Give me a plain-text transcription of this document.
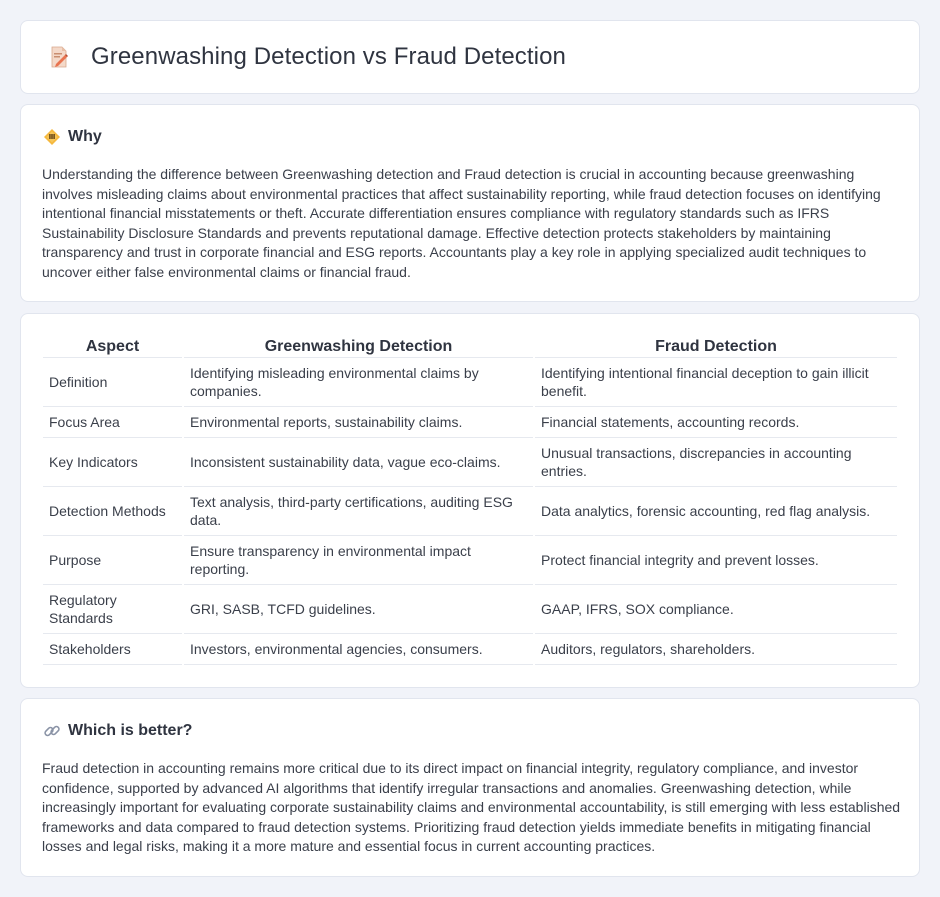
Greenwashing Detection vs Fraud Detection
Why

Understanding the difference between Greenwashing detection and Fraud detection is crucial in accounting because greenwashing involves misleading claims about environmental practices that affect sustainability reporting, while fraud detection focuses on identifying intentional financial misstatements or theft. Accurate differentiation ensures compliance with regulatory standards such as IFRS Sustainability Disclosure Standards and prevents reputational damage. Effective detection protects stakeholders by maintaining transparency and trust in corporate financial and ESG reports. Accountants play a key role in applying specialized audit techniques to uncover either false environmental claims or financial fraud.

Aspect	Greenwashing Detection	Fraud Detection
Definition	Identifying misleading environmental claims by companies.	Identifying intentional financial deception to gain illicit benefit.
Focus Area	Environmental reports, sustainability claims.	Financial statements, accounting records.
Key Indicators	Inconsistent sustainability data, vague eco-claims.	Unusual transactions, discrepancies in accounting entries.
Detection Methods	Text analysis, third-party certifications, auditing ESG data.	Data analytics, forensic accounting, red flag analysis.
Purpose	Ensure transparency in environmental impact reporting.	Protect financial integrity and prevent losses.
Regulatory Standards	GRI, SASB, TCFD guidelines.	GAAP, IFRS, SOX compliance.
Stakeholders	Investors, environmental agencies, consumers.	Auditors, regulators, shareholders.
Which is better?

Fraud detection in accounting remains more critical due to its direct impact on financial integrity, regulatory compliance, and investor confidence, supported by advanced AI algorithms that identify irregular transactions and anomalies. Greenwashing detection, while increasingly important for evaluating corporate sustainability claims and environmental accountability, is still emerging with less established frameworks and data compared to fraud detection systems. Prioritizing fraud detection yields immediate benefits in mitigating financial losses and legal risks, making it a more mature and essential focus in current accounting practices.
